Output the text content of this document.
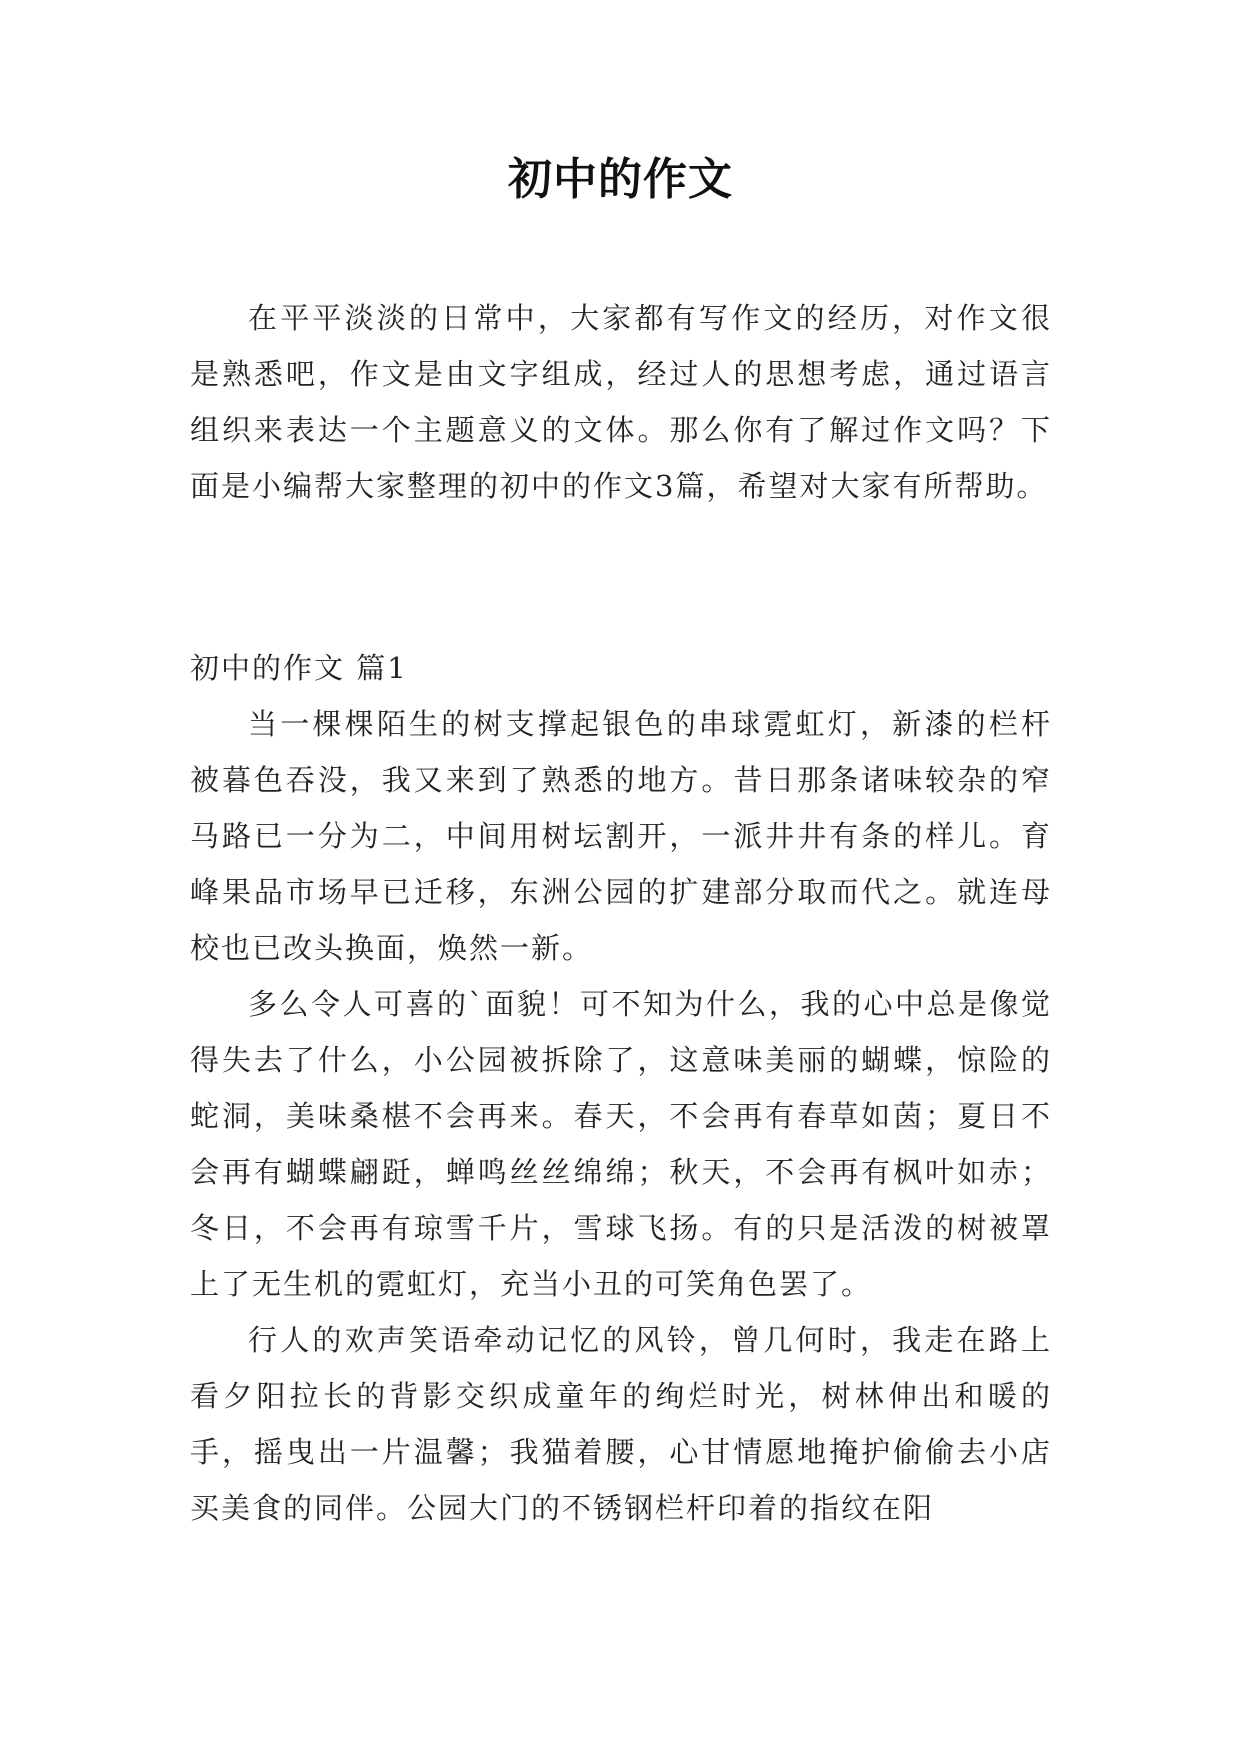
初中的作文

在平平淡淡的日常中，大家都有写作文的经历，对作文很是熟悉吧，作文是由文字组成，经过人的思想考虑，通过语言组织来表达一个主题意义的文体。那么你有了解过作文吗？下面是小编帮大家整理的初中的作文3篇，希望对大家有所帮助。

初中的作文 篇1

当一棵棵陌生的树支撑起银色的串球霓虹灯，新漆的栏杆被暮色吞没，我又来到了熟悉的地方。昔日那条诸味较杂的窄马路已一分为二，中间用树坛割开，一派井井有条的样儿。育峰果品市场早已迁移，东洲公园的扩建部分取而代之。就连母校也已改头换面，焕然一新。

多么令人可喜的`面貌！可不知为什么，我的心中总是像觉得失去了什么，小公园被拆除了，这意味美丽的蝴蝶，惊险的蛇洞，美味桑椹不会再来。春天，不会再有春草如茵；夏日不会再有蝴蝶翩跹，蝉鸣丝丝绵绵；秋天，不会再有枫叶如赤；冬日，不会再有琼雪千片，雪球飞扬。有的只是活泼的树被罩上了无生机的霓虹灯，充当小丑的可笑角色罢了。

行人的欢声笑语牵动记忆的风铃，曾几何时，我走在路上看夕阳拉长的背影交织成童年的绚烂时光，树林伸出和暖的手，摇曳出一片温馨；我猫着腰，心甘情愿地掩护偷偷去小店买美食的同伴。公园大门的不锈钢栏杆印着的指纹在阳
